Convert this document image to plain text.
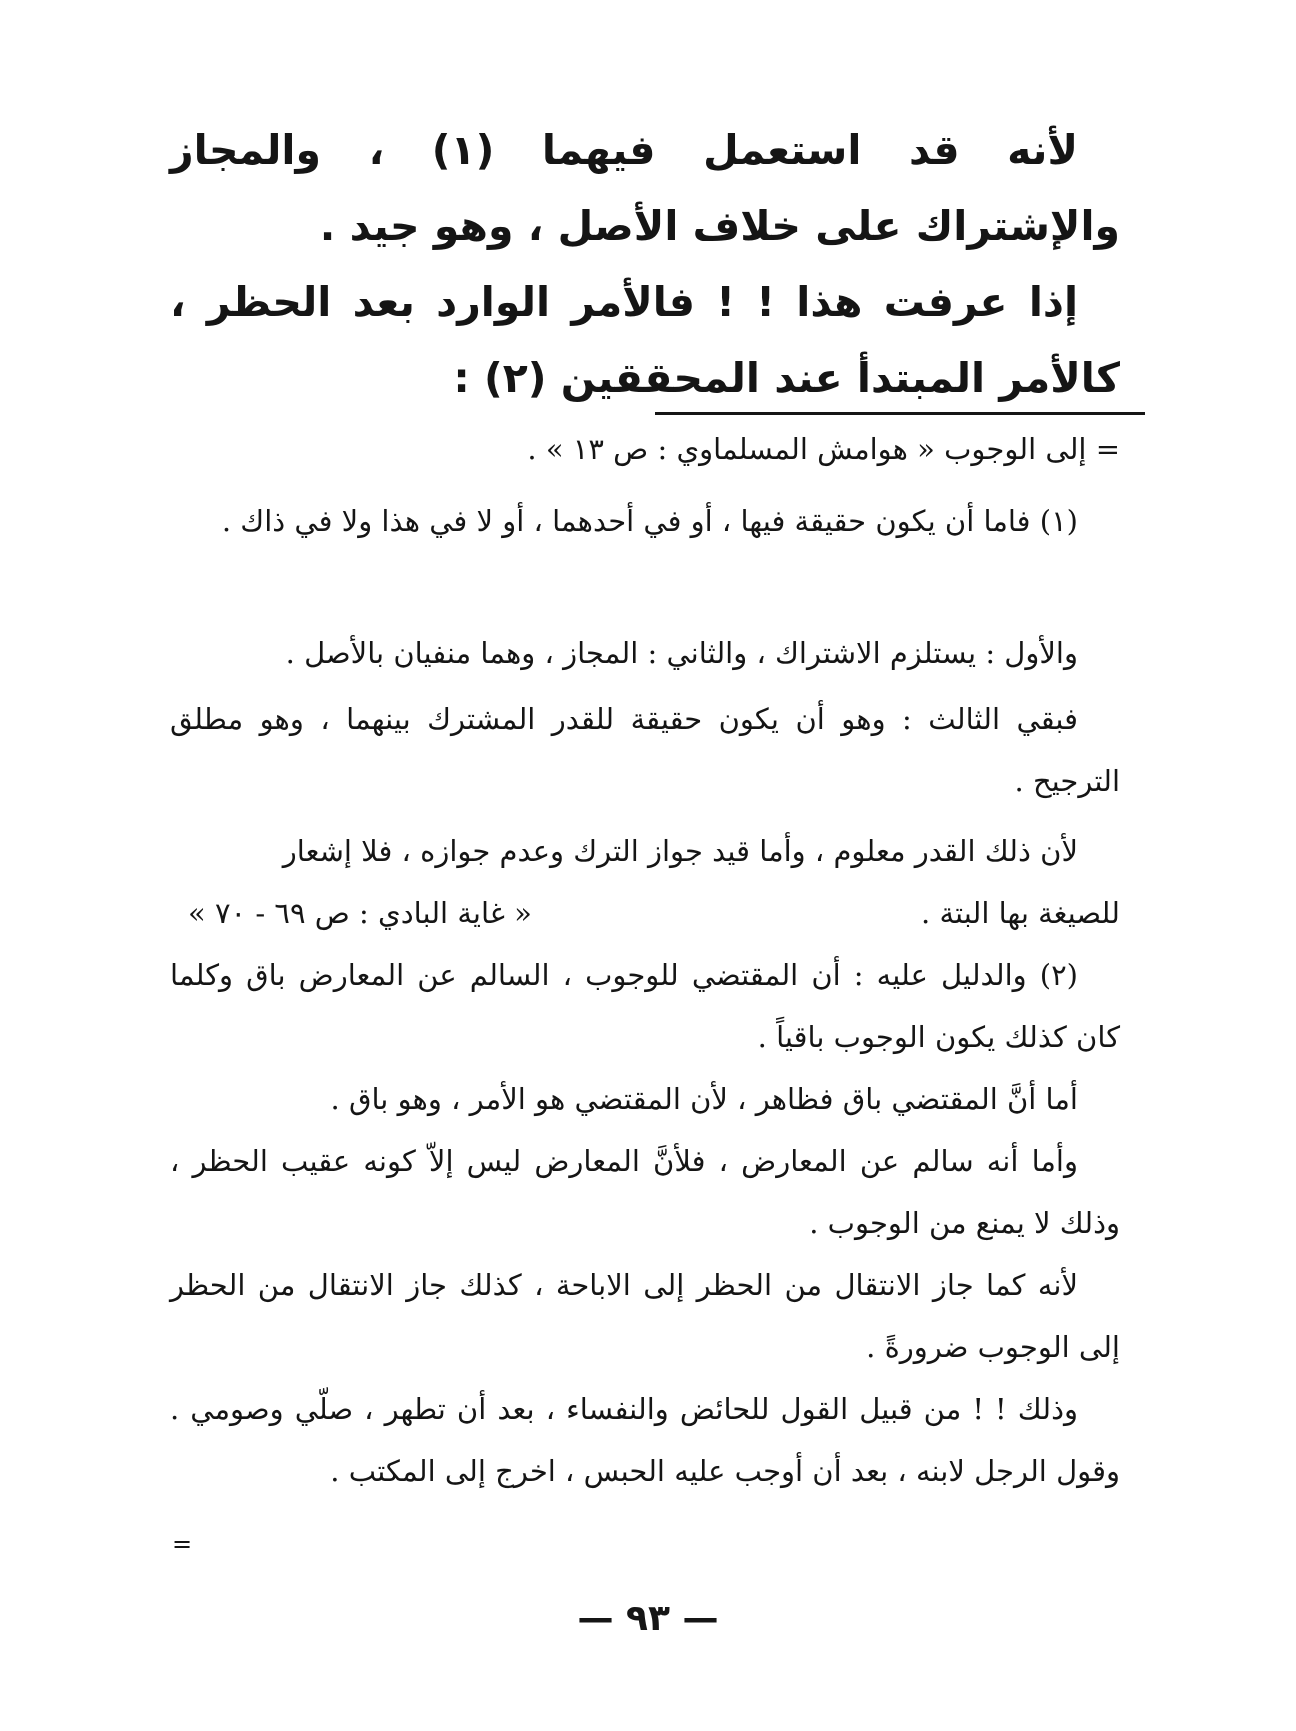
لأنه قد استعمل فيهما (١) ، والمجاز والإشتراك على خلاف الأصل ، وهو جيد .
إذا عرفت هذا ! ! فالأمر الوارد بعد الحظر ، كالأمر المبتدأ عند المحققين (٢) :
= إلى الوجوب « هوامش المسلماوي : ص ١٣ » .
(١) فاما أن يكون حقيقة فيها ، أو في أحدهما ، أو لا في هذا ولا في ذاك .
والأول : يستلزم الاشتراك ، والثاني : المجاز ، وهما منفيان بالأصل .
فبقي الثالث : وهو أن يكون حقيقة للقدر المشترك بينهما ، وهو مطلق الترجيح .
لأن ذلك القدر معلوم ، وأما قيد جواز الترك وعدم جوازه ، فلا إشعار
للصيغة بها البتة .
« غاية البادي : ص ٦٩ - ٧٠ »
(٢) والدليل عليه : أن المقتضي للوجوب ، السالم عن المعارض باق وكلما كان كذلك يكون الوجوب باقياً .
أما أنَّ المقتضي باق فظاهر ، لأن المقتضي هو الأمر ، وهو باق .
وأما أنه سالم عن المعارض ، فلأنَّ المعارض ليس إلاّ كونه عقيب الحظر ، وذلك لا يمنع من الوجوب .
لأنه كما جاز الانتقال من الحظر إلى الاباحة ، كذلك جاز الانتقال من الحظر إلى الوجوب ضرورةً .
وذلك ! ! من قبيل القول للحائض والنفساء ، بعد أن تطهر ، صلّي وصومي . وقول الرجل لابنه ، بعد أن أوجب عليه الحبس ، اخرج إلى المكتب .
=
— ٩٣ —
